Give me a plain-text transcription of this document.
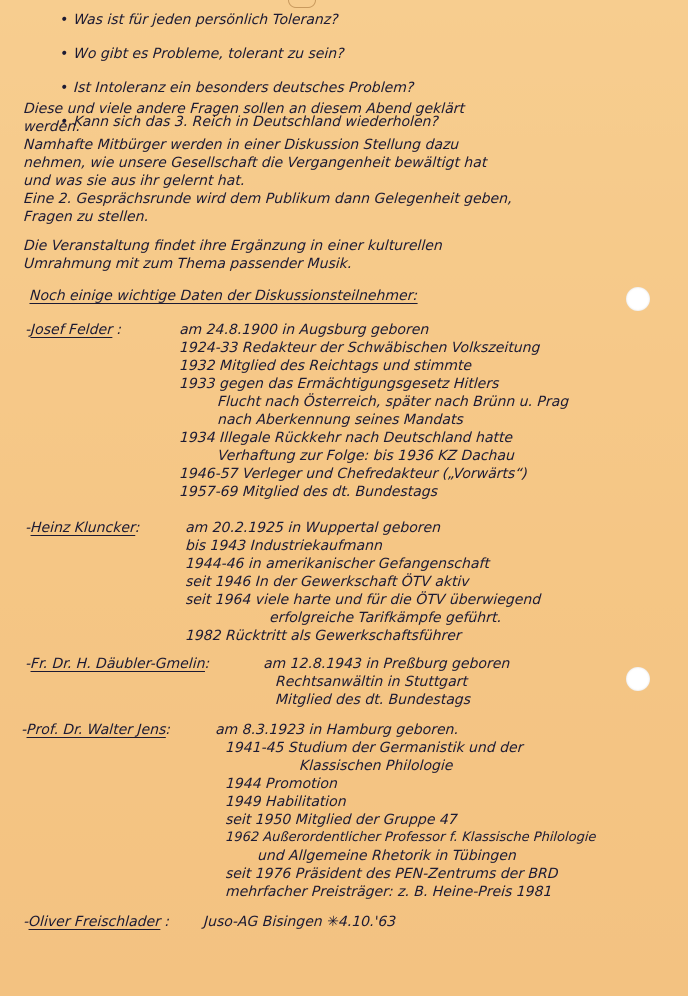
• Was ist für jeden persönlich Toleranz?
• Wo gibt es Probleme, tolerant zu sein?
• Ist Intoleranz ein besonders deutsches Problem?
• Kann sich das 3. Reich in Deutschland wiederholen?
Diese und viele andere Fragen sollen an diesem Abend geklärt
werden.
Namhafte Mitbürger werden in einer Diskussion Stellung dazu
nehmen, wie unsere Gesellschaft die Vergangenheit bewältigt hat
und was sie aus ihr gelernt hat.
Eine 2. Gesprächsrunde wird dem Publikum dann Gelegenheit geben,
Fragen zu stellen.
Die Veranstaltung findet ihre Ergänzung in einer kulturellen
Umrahmung mit zum Thema passender Musik.
Noch einige wichtige Daten der Diskussionsteilnehmer:
-Josef Felder :	am 24.8.1900 in Augsburg geboren
1924-33 Redakteur der Schwäbischen Volkszeitung
1932 Mitglied des Reichtags und stimmte
1933 gegen das Ermächtigungsgesetz Hitlers
Flucht nach Österreich, später nach Brünn u. Prag
nach Aberkennung seines Mandats
1934 Illegale Rückkehr nach Deutschland hatte
Verhaftung zur Folge: bis 1936 KZ Dachau
1946-57 Verleger und Chefredakteur („Vorwärts“)
1957-69 Mitglied des dt. Bundestags
-Heinz Kluncker:	am 20.2.1925 in Wuppertal geboren
bis 1943 Industriekaufmann
1944-46 in amerikanischer Gefangenschaft
seit 1946 In der Gewerkschaft ÖTV aktiv
seit 1964 viele harte und für die ÖTV überwiegend
erfolgreiche Tarifkämpfe geführt.
1982 Rücktritt als Gewerkschaftsführer
-Fr. Dr. H. Däubler-Gmelin:	am 12.8.1943 in Preßburg geboren
Rechtsanwältin in Stuttgart
Mitglied des dt. Bundestags
-Prof. Dr. Walter Jens:	am 8.3.1923 in Hamburg geboren.
1941-45 Studium der Germanistik und der
Klassischen Philologie
1944 Promotion
1949 Habilitation
seit 1950 Mitglied der Gruppe 47
1962 Außerordentlicher Professor f. Klassische Philologie
und Allgemeine Rhetorik in Tübingen
seit 1976 Präsident des PEN-Zentrums der BRD
mehrfacher Preisträger: z. B. Heine-Preis 1981
-Oliver Freischlader : Juso-AG Bisingen ✳4.10.'63
